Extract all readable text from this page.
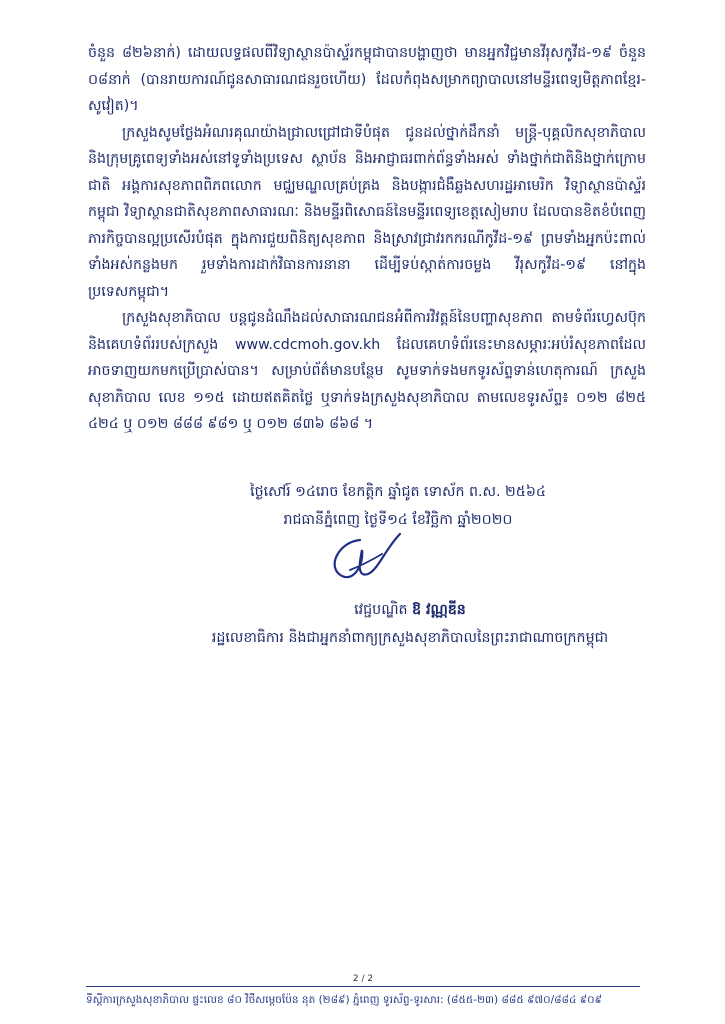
ចំនួន ៨២៦នាក់) ដោយលទ្ធផលពីវិទ្យាស្ថានប៉ាស្ទ័រកម្ពុជាបានបង្ហាញថា មានអ្នកវិជ្ជមានវីរុសកូវីដ-១៩ ចំនួន ០៨នាក់ (បានរាយការណ៍ជូនសាធារណជនរួចហើយ) ដែលកំពុងសម្រាកព្យាបាលនៅមន្ទីរពេទ្យមិត្តភាពខ្មែរ-សូវៀត)។

ក្រសួងសូមថ្លែងអំណរគុណយ៉ាងជ្រាលជ្រៅជាទីបំផុត ជូនដល់ថ្នាក់ដឹកនាំ មន្ត្រី-បុគ្គលិកសុខាភិបាល និងក្រុមគ្រូពេទ្យទាំងអស់នៅទូទាំងប្រទេស ស្ថាប័ន និងអាជ្ញាធរពាក់ព័ន្ធទាំងអស់ ទាំងថ្នាក់ជាតិនិងថ្នាក់ក្រោមជាតិ អង្គការសុខភាពពិភពលោក មជ្ឈមណ្ឌលគ្រប់គ្រង និងបង្ការជំងឺឆ្លងសហរដ្ឋអាមេរិក វិទ្យាស្ថានប៉ាស្ទ័រកម្ពុជា វិទ្យាស្ថានជាតិសុខភាពសាធារណៈ និងមន្ទីរពិសោធន៍នៃមន្ទីរពេទ្យខេត្តសៀមរាប ដែលបានខិតខំបំពេញភារកិច្ចបានល្អប្រសើរបំផុត ក្នុងការជួយពិនិត្យសុខភាព និងស្រាវជ្រាវរកករណីកូវីដ-១៩ ព្រមទាំងអ្នកប៉ះពាល់ទាំងអស់កន្លងមក រួមទាំងការដាក់វិធានការនានា ដើម្បីទប់ស្កាត់ការចម្លង វីរុសកូវីដ-១៩ នៅក្នុងប្រទេសកម្ពុជា។

ក្រសួងសុខាភិបាល បន្តជូនដំណឹងដល់សាធារណជនអំពីការវិវត្តន៍នៃបញ្ហាសុខភាព តាមទំព័រហ្វេសប៊ុក និងគេហទំព័ររបស់ក្រសួង www.cdcmoh.gov.kh ដែលគេហទំព័រនេះមានសម្ភារៈអប់រំសុខភាពដែលអាចទាញយកមកប្រើប្រាស់បាន។ សម្រាប់ព័ត៌មានបន្ថែម សូមទាក់ទងមកទូរស័ព្ទទាន់ហេតុការណ៍ ក្រសួងសុខាភិបាល លេខ ១១៥ ដោយឥតគិតថ្លៃ ឬទាក់ទងក្រសួងសុខាភិបាល តាមលេខទូរស័ព្ទ៖ ០១២ ៨២៥ ៤២៤ ឬ ០១២ ៨៨៨ ៩៨១ ឬ ០១២ ៨៣៦ ៨៦៨ ។

ថ្ងៃសៅរ៍ ១៤រោច ខែកត្តិក ឆ្នាំជូត ទោស័ក ព.ស. ២៥៦៤
រាជធានីភ្នំពេញ ថ្ងៃទី១៤ ខែវិច្ឆិកា ឆ្នាំ២០២០
វេជ្ជបណ្ឌិត ឱ វណ្ណឌីន
រដ្ឋលេខាធិការ និងជាអ្នកនាំពាក្យក្រសួងសុខាភិបាលនៃព្រះរាជាណាចក្រកម្ពុជា
2 / 2
ទីស្តីការក្រសួងសុខាភិបាល ផ្ទះលេខ ៨០ វិថីសម្តេចប៉ែន នុត (២៨៩) ភ្នំពេញ ទូរស័ព្ទ-ទូរសារ: (៨៥៥-២៣) ៨៨៥ ៩៧០/៨៨៤ ៩០៩
